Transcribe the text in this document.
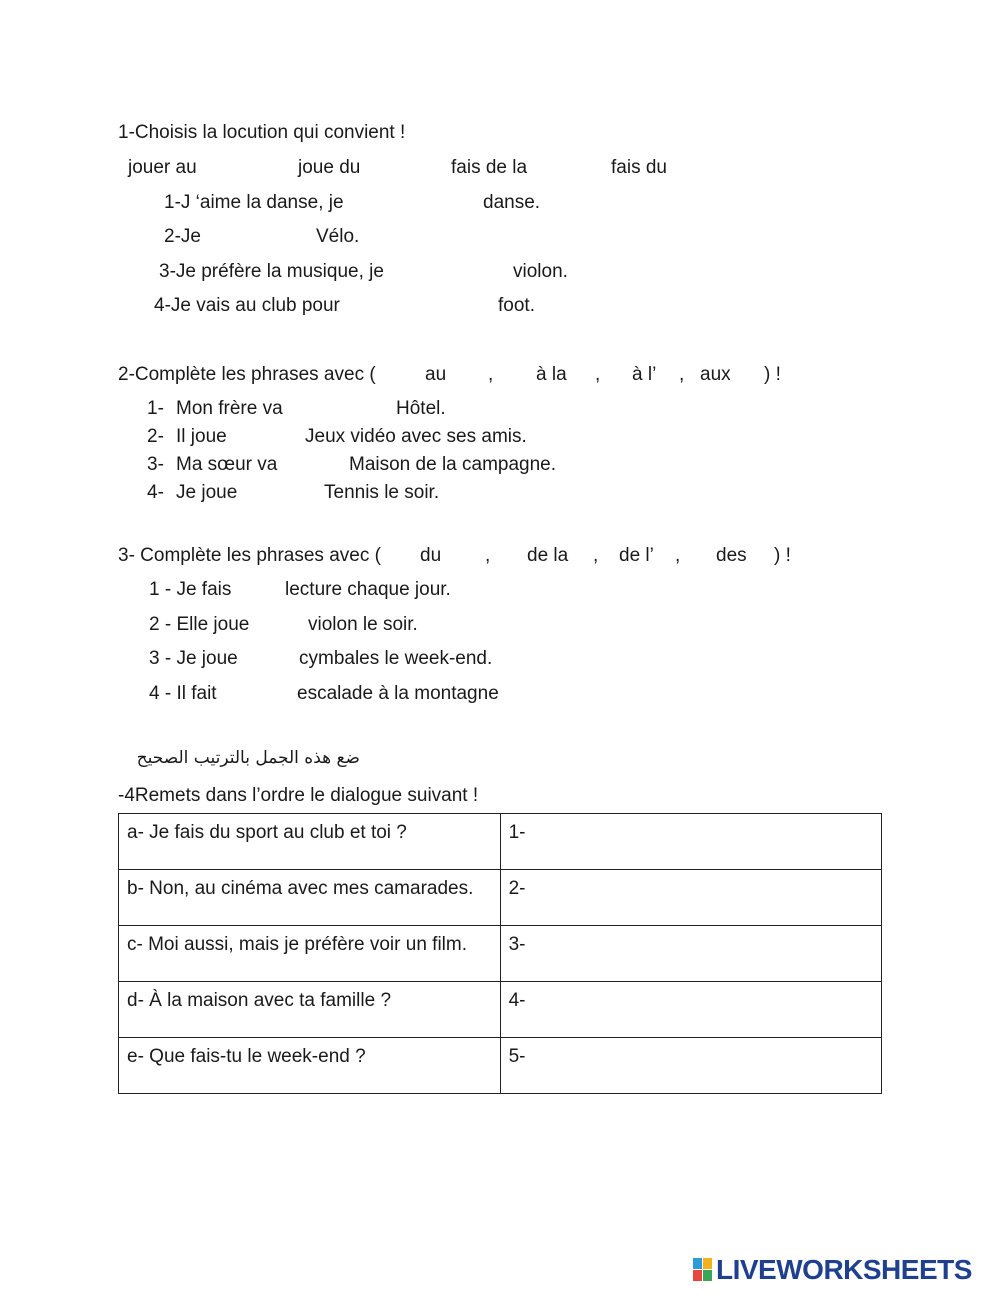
1-Choisis la locution qui convient !
jouer au	joue du	fais de la	fais du
1-J ‘aime la danse, je	danse.
2-Je	Vélo.
3-Je préfère la musique, je	violon.
4-Je vais au club pour	foot.
2-Complète les phrases avec (	au , à la , à l’ , aux ) !
1- Mon frère va	Hôtel.
2- Il joue	Jeux vidéo avec ses amis.
3- Ma sœur va	Maison de la campagne.
4- Je joue	Tennis le soir.
3- Complète les phrases avec ( du , de la , de l’ , des ) !
1 - Je fais	lecture chaque jour.
2 - Elle joue	violon le soir.
3 - Je joue	cymbales le week-end.
4 - Il fait	escalade à la montagne
ضع هذه الجمل بالترتيب الصحيح
-4Remets dans l’ordre le dialogue suivant !
a- Je fais du sport au club et toi ?	1-
b- Non, au cinéma avec mes camarades.	2-
c- Moi aussi, mais je préfère voir un film.	3-
d- À la maison avec ta famille ?	4-
e- Que fais-tu le week-end ?	5-
LIVEWORKSHEETS
